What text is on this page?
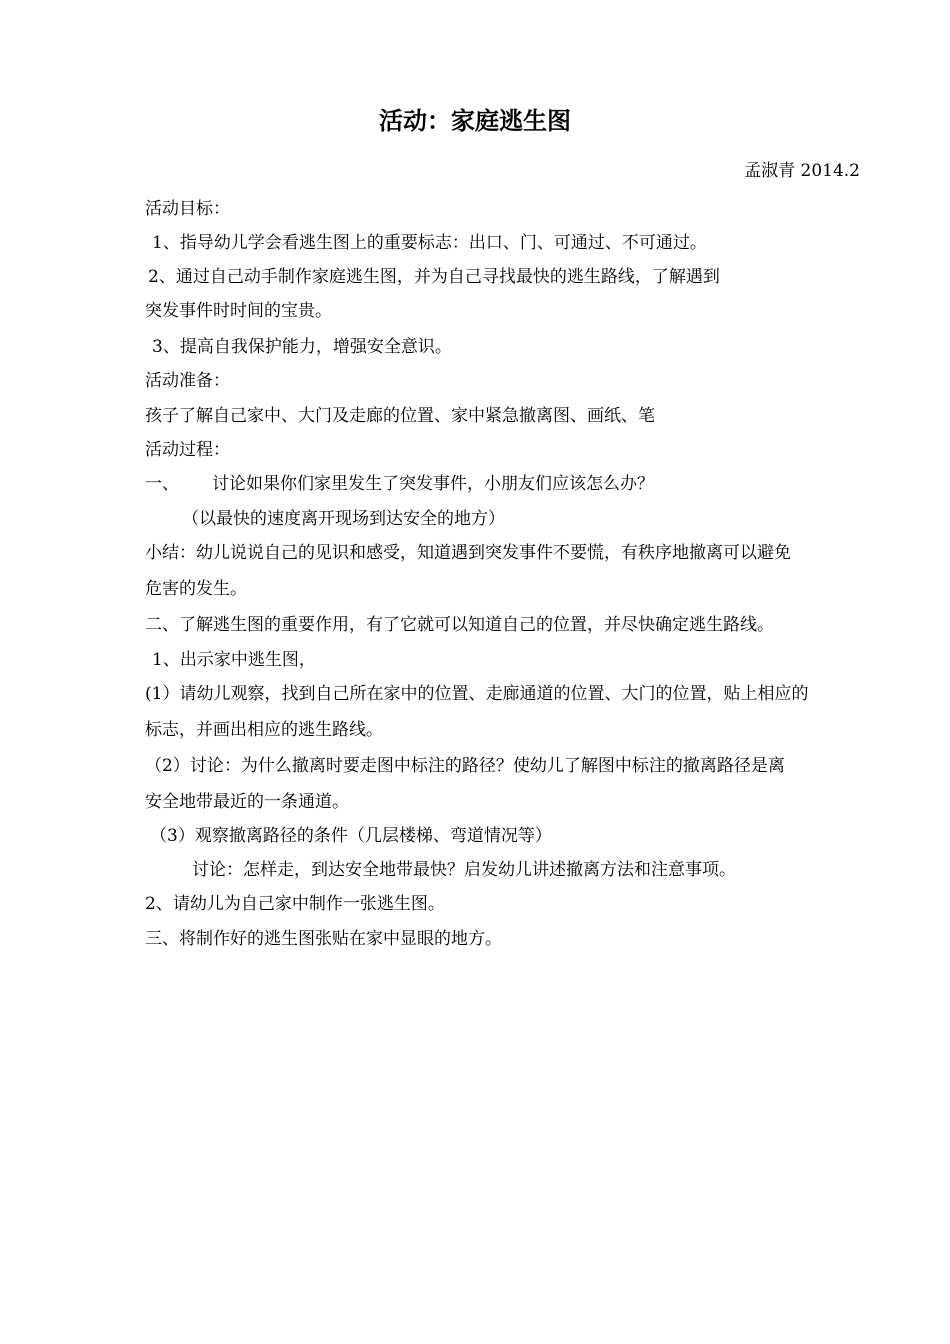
活动：家庭逃生图
孟淑青 2014.2
活动目标：
1、指导幼儿学会看逃生图上的重要标志：出口、门、可通过、不可通过。
2、通过自己动手制作家庭逃生图，并为自己寻找最快的逃生路线，了解遇到
突发事件时时间的宝贵。
3、提高自我保护能力，增强安全意识。
活动准备：
孩子了解自己家中、大门及走廊的位置、家中紧急撤离图、画纸、笔
活动过程：
一、 讨论如果你们家里发生了突发事件，小朋友们应该怎么办？
（以最快的速度离开现场到达安全的地方）
小结：幼儿说说自己的见识和感受，知道遇到突发事件不要慌，有秩序地撤离可以避免
危害的发生。
二、了解逃生图的重要作用，有了它就可以知道自己的位置，并尽快确定逃生路线。
1、出示家中逃生图，
(1）请幼儿观察，找到自己所在家中的位置、走廊通道的位置、大门的位置，贴上相应的
标志，并画出相应的逃生路线。
（2）讨论：为什么撤离时要走图中标注的路径？使幼儿了解图中标注的撤离路径是离
安全地带最近的一条通道。
（3）观察撤离路径的条件（几层楼梯、弯道情况等）
讨论：怎样走，到达安全地带最快？启发幼儿讲述撤离方法和注意事项。
2、请幼儿为自己家中制作一张逃生图。
三、将制作好的逃生图张贴在家中显眼的地方。
